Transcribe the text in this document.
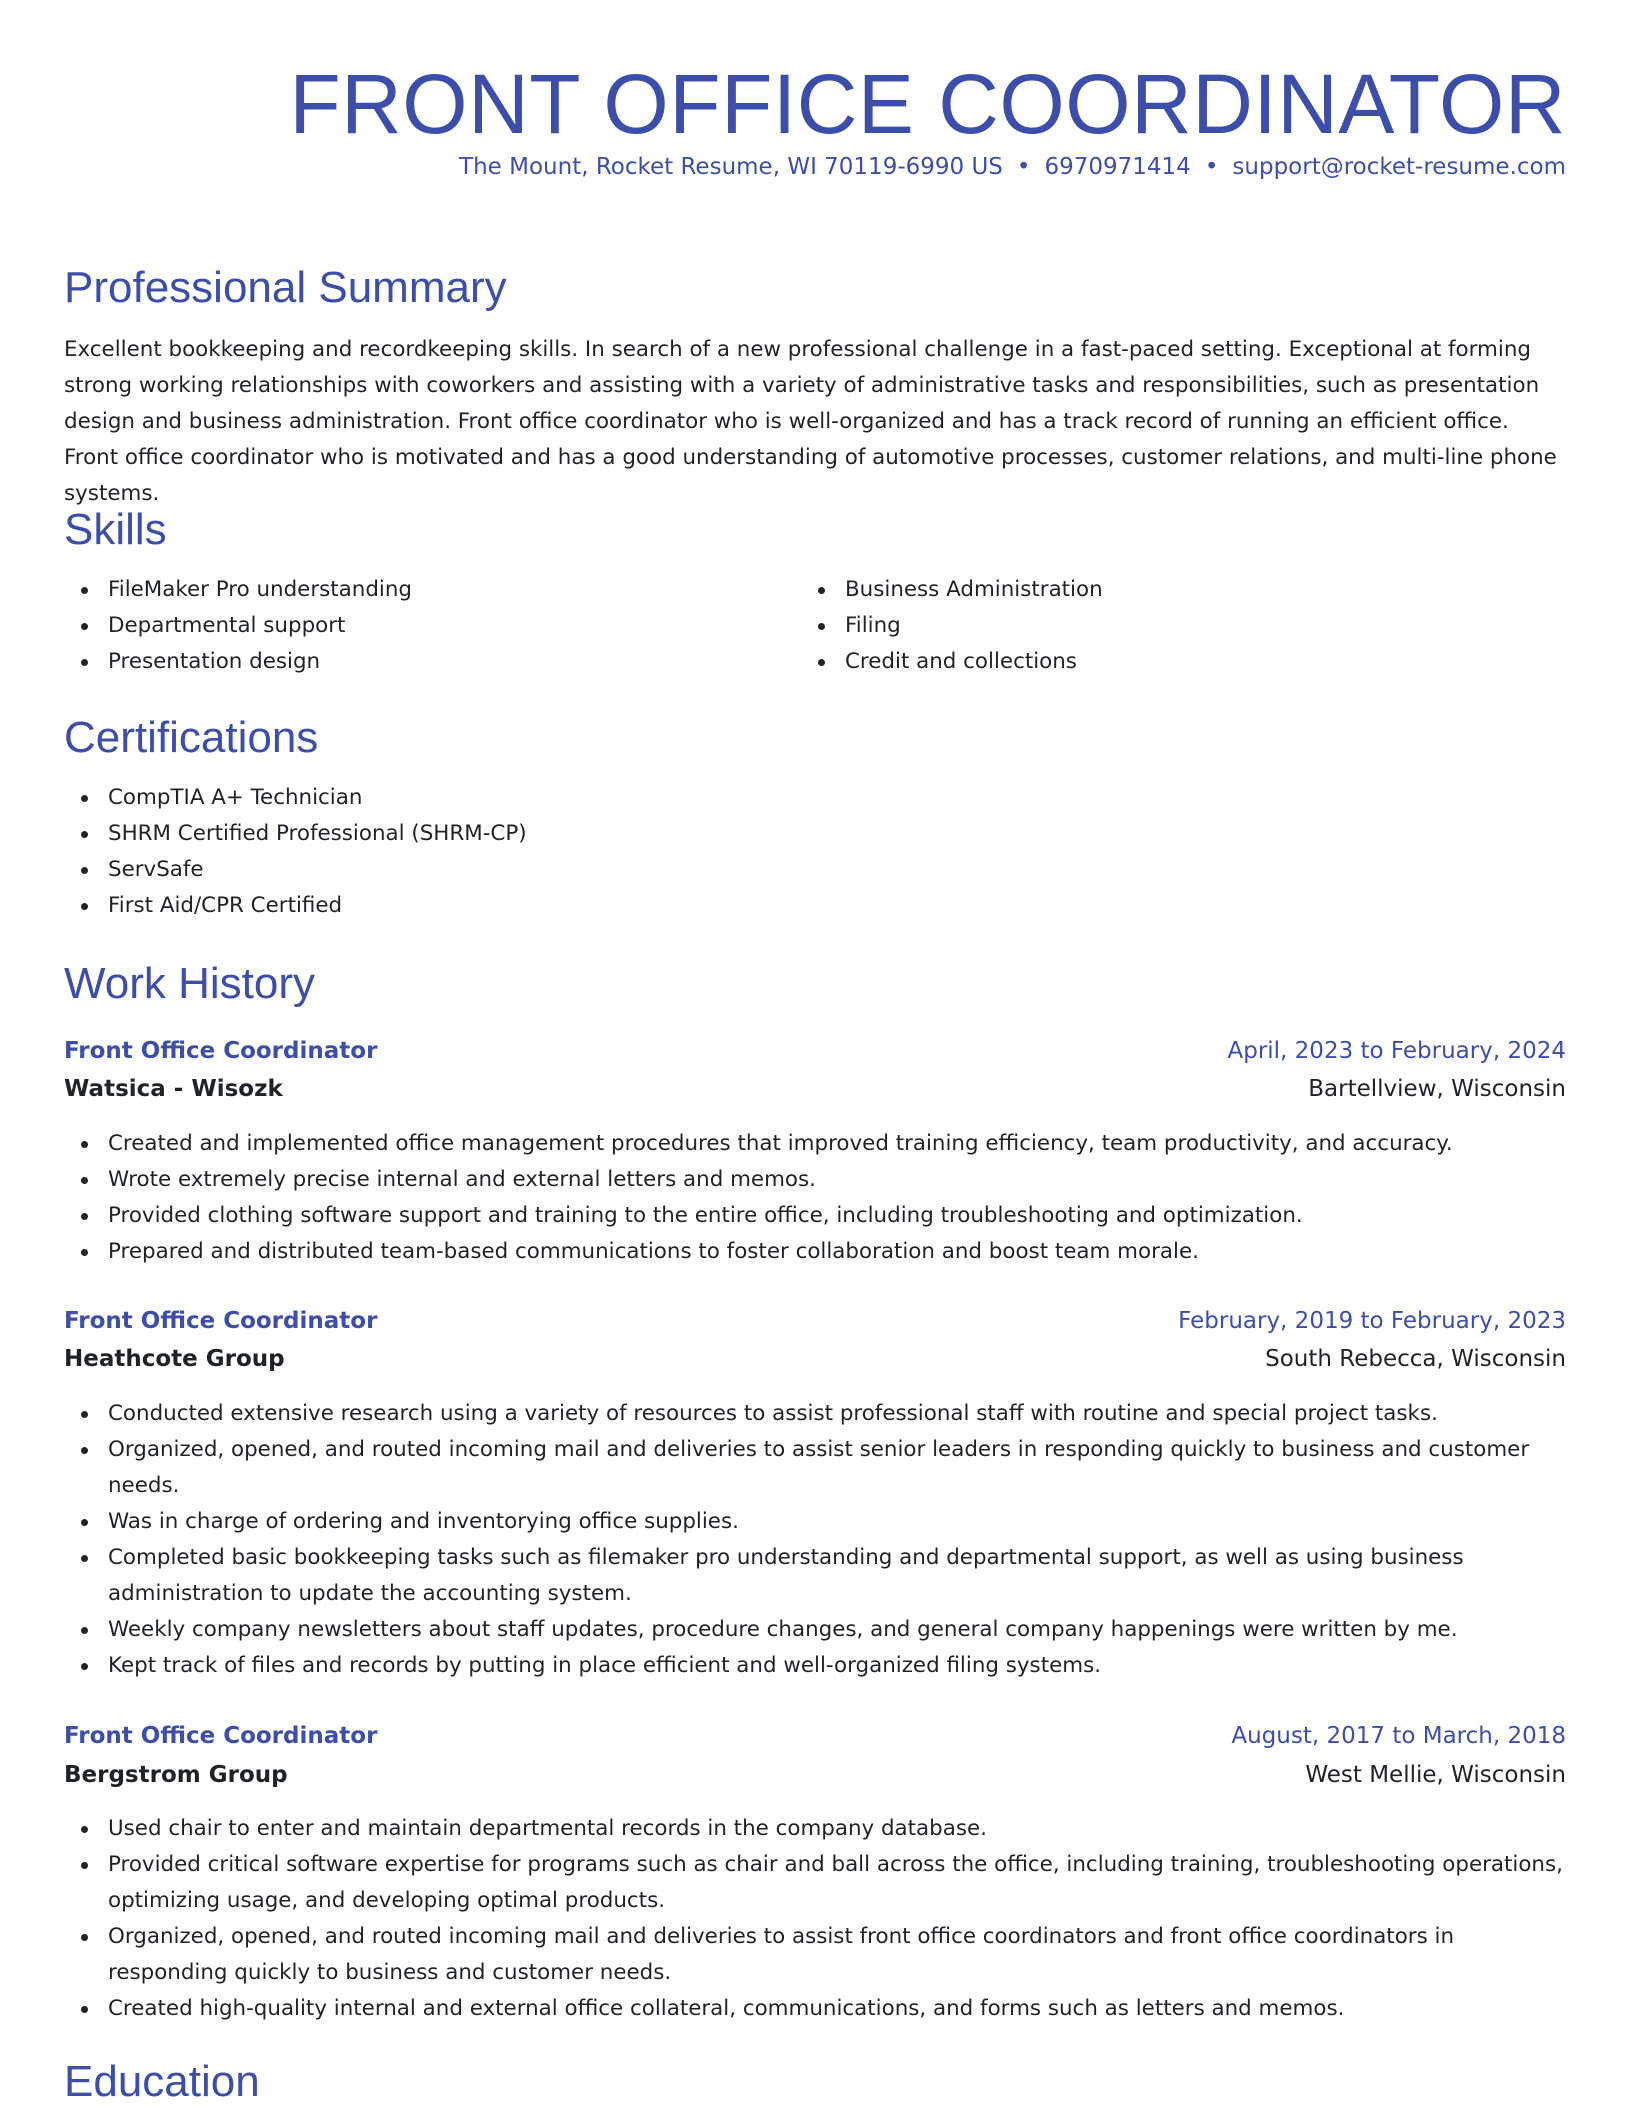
FRONT OFFICE COORDINATOR
The Mount, Rocket Resume, WI 70119-6990 US • 6970971414 • support@rocket-resume.com
Professional Summary

Excellent bookkeeping and recordkeeping skills. In search of a new professional challenge in a fast-paced setting. Exceptional at forming strong working relationships with coworkers and assisting with a variety of administrative tasks and responsibilities, such as presentation design and business administration. Front office coordinator who is well-organized and has a track record of running an efficient office. Front office coordinator who is motivated and has a good understanding of automotive processes, customer relations, and multi-line phone systems.

Skills
FileMaker Pro understanding
Departmental support
Presentation design
Business Administration
Filing
Credit and collections
Certifications
CompTIA A+ Technician
SHRM Certified Professional (SHRM-CP)
ServSafe
First Aid/CPR Certified
Work History
Front Office Coordinator	April, 2023 to February, 2024
Watsica - Wisozk	Bartellview, Wisconsin
Created and implemented office management procedures that improved training efficiency, team productivity, and accuracy.
Wrote extremely precise internal and external letters and memos.
Provided clothing software support and training to the entire office, including troubleshooting and optimization.
Prepared and distributed team-based communications to foster collaboration and boost team morale.
Front Office Coordinator	February, 2019 to February, 2023
Heathcote Group	South Rebecca, Wisconsin
Conducted extensive research using a variety of resources to assist professional staff with routine and special project tasks.
Organized, opened, and routed incoming mail and deliveries to assist senior leaders in responding quickly to business and customer needs.
Was in charge of ordering and inventorying office supplies.
Completed basic bookkeeping tasks such as filemaker pro understanding and departmental support, as well as using business administration to update the accounting system.
Weekly company newsletters about staff updates, procedure changes, and general company happenings were written by me.
Kept track of files and records by putting in place efficient and well-organized filing systems.
Front Office Coordinator	August, 2017 to March, 2018
Bergstrom Group	West Mellie, Wisconsin
Used chair to enter and maintain departmental records in the company database.
Provided critical software expertise for programs such as chair and ball across the office, including training, troubleshooting operations, optimizing usage, and developing optimal products.
Organized, opened, and routed incoming mail and deliveries to assist front office coordinators and front office coordinators in responding quickly to business and customer needs.
Created high-quality internal and external office collateral, communications, and forms such as letters and memos.
Education
